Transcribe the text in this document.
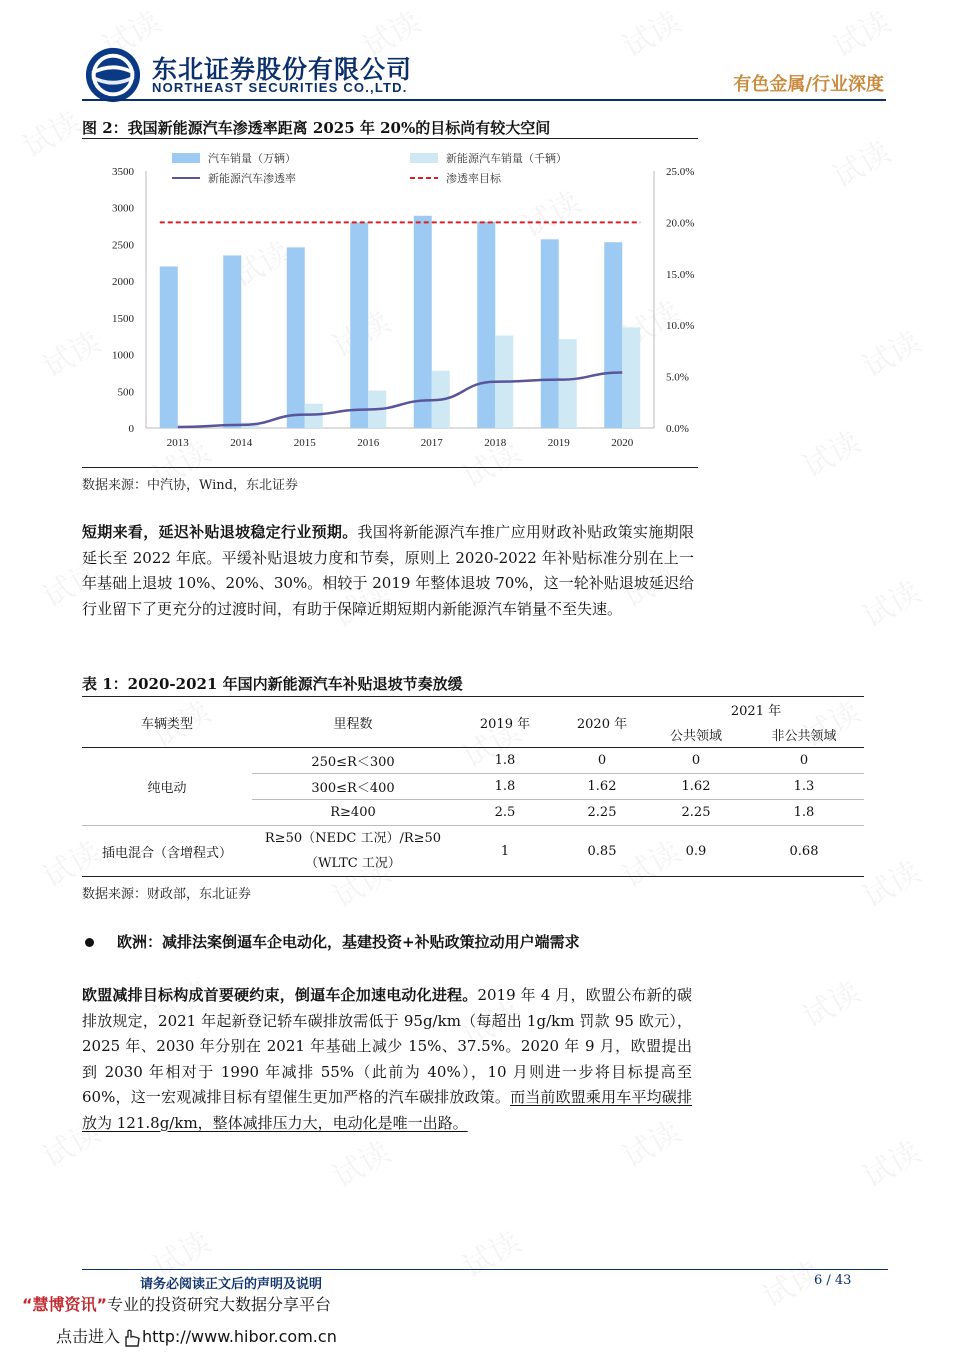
东北证券股份有限公司
NORTHEAST SECURITIES CO.,LTD.	有色金属/行业深度
图 2：我国新能源汽车渗透率距离 2025 年 20%的目标尚有较大空间
0
500
1000
1500
2000
2500
3000
3500
0.0%
5.0%
10.0%
15.0%
20.0%
25.0%
2013	2014	2015	2016	2017	2018	2019	2020
汽车销量（万辆）	新能源汽车销量（千辆）
新能源汽车渗透率	渗透率目标
数据来源：中汽协，Wind，东北证券
短期来看，延迟补贴退坡稳定行业预期。我国将新能源汽车推广应用财政补贴政策实施期限延长至 2022 年底。平缓补贴退坡力度和节奏，原则上 2020-2022 年补贴标准分别在上一年基础上退坡 10%、20%、30%。相较于 2019 年整体退坡 70%，这一轮补贴退坡延迟给行业留下了更充分的过渡时间，有助于保障近期短期内新能源汽车销量不至失速。
表 1：2020-2021 年国内新能源汽车补贴退坡节奏放缓
车辆类型	里程数	2019 年	2020 年	2021 年	
				公共领域	非公共领域
纯电动	250≤R＜300	1.8	0	0	0
	300≤R＜400	1.8	1.62	1.62	1.3
	R≥400	2.5	2.25	2.25	1.8
插电混合（含增程式）	R≥50（NEDC 工况）/R≥50
（WLTC 工况）	1	0.85	0.9	0.68
数据来源：财政部，东北证券
欧洲：减排法案倒逼车企电动化，基建投资+补贴政策拉动用户端需求
欧盟减排目标构成首要硬约束，倒逼车企加速电动化进程。2019 年 4 月，欧盟公布新的碳排放规定，2021 年起新登记轿车碳排放需低于 95g/km（每超出 1g/km 罚款 95 欧元），2025 年、2030 年分别在 2021 年基础上减少 15%、37.5%。2020 年 9 月，欧盟提出到 2030 年相对于 1990 年减排 55%（此前为 40%），10 月则进一步将目标提高至 60%，这一宏观减排目标有望催生更加严格的汽车碳排放政策。而当前欧盟乘用车平均碳排放为 121.8g/km，整体减排压力大，电动化是唯一出路。
请务必阅读正文后的声明及说明	6 / 43
“慧博资讯”专业的投资研究大数据分享平台
点击进入 http://www.hibor.com.cn
